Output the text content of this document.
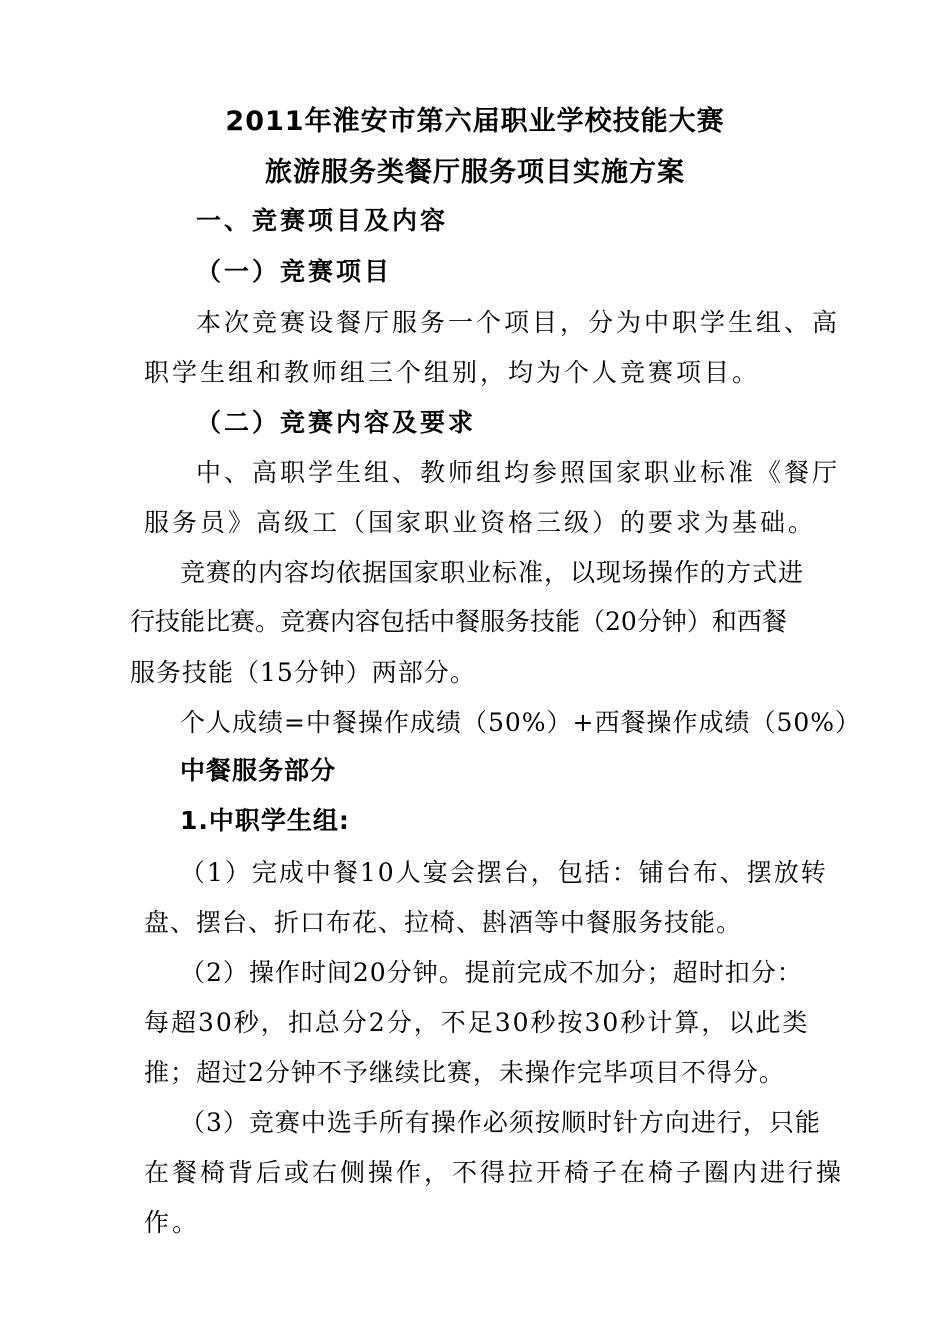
2011年淮安市第六届职业学校技能大赛
旅游服务类餐厅服务项目实施方案
一、竞赛项目及内容
（一）竞赛项目
本次竞赛设餐厅服务一个项目，分为中职学生组、高
职学生组和教师组三个组别，均为个人竞赛项目。
（二）竞赛内容及要求
中、高职学生组、教师组均参照国家职业标准《餐厅
服务员》高级工（国家职业资格三级）的要求为基础。
竞赛的内容均依据国家职业标准，以现场操作的方式进
行技能比赛。竞赛内容包括中餐服务技能（20分钟）和西餐
服务技能（15分钟）两部分。
个人成绩=中餐操作成绩（50%）+西餐操作成绩（50%）
中餐服务部分
1.中职学生组:
（1）完成中餐10人宴会摆台，包括：铺台布、摆放转
盘、摆台、折口布花、拉椅、斟酒等中餐服务技能。
（2）操作时间20分钟。提前完成不加分；超时扣分：
每超30秒，扣总分2分，不足30秒按30秒计算，以此类
推；超过2分钟不予继续比赛，未操作完毕项目不得分。
（3）竞赛中选手所有操作必须按顺时针方向进行，只能
在餐椅背后或右侧操作，不得拉开椅子在椅子圈内进行操
作。
